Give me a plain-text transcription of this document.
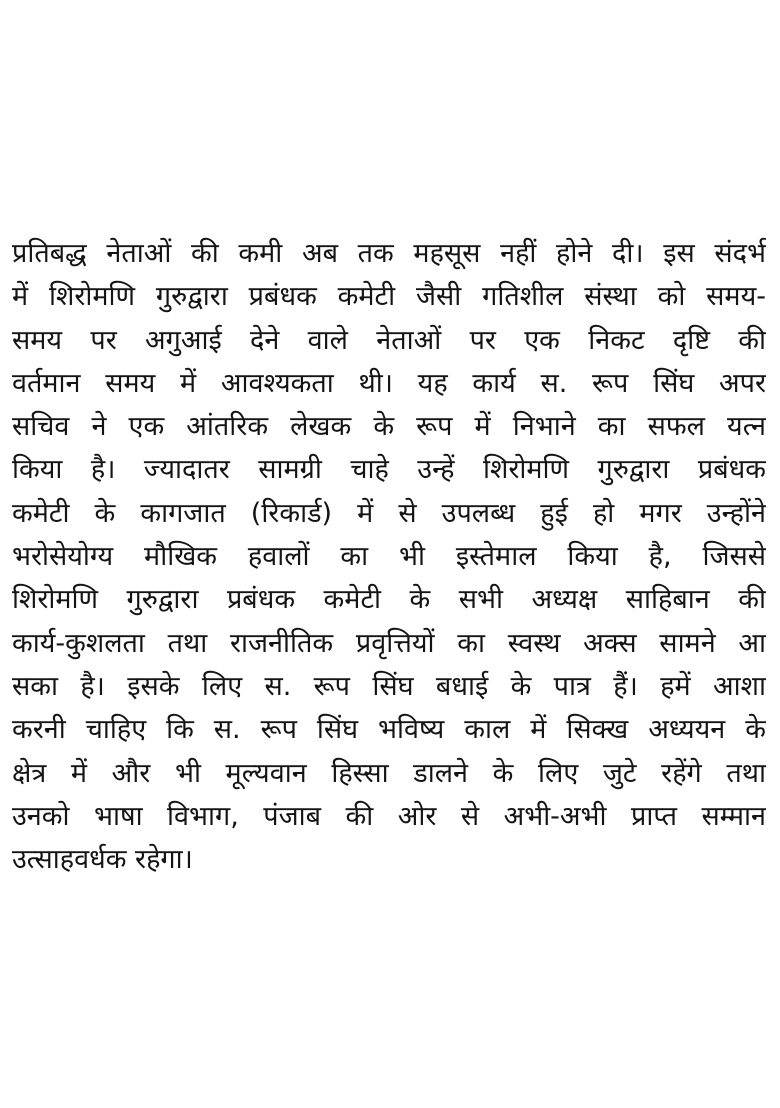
प्रतिबद्ध नेताओं की कमी अब तक महसूस नहीं होने दी। इस संदर्भ
में शिरोमणि गुरुद्वारा प्रबंधक कमेटी जैसी गतिशील संस्था को समय-
समय पर अगुआई देने वाले नेताओं पर एक निकट दृष्टि की
वर्तमान समय में आवश्यकता थी। यह कार्य स. रूप सिंघ अपर
सचिव ने एक आंतरिक लेखक के रूप में निभाने का सफल यत्न
किया है। ज्यादातर सामग्री चाहे उन्हें शिरोमणि गुरुद्वारा प्रबंधक
कमेटी के कागजात (रिकार्ड) में से उपलब्ध हुई हो मगर उन्होंने
भरोसेयोग्य मौखिक हवालों का भी इस्तेमाल किया है, जिससे
शिरोमणि गुरुद्वारा प्रबंधक कमेटी के सभी अध्यक्ष साहिबान की
कार्य-कुशलता तथा राजनीतिक प्रवृत्तियों का स्वस्थ अक्स सामने आ
सका है। इसके लिए स. रूप सिंघ बधाई के पात्र हैं। हमें आशा
करनी चाहिए कि स. रूप सिंघ भविष्य काल में सिक्ख अध्ययन के
क्षेत्र में और भी मूल्यवान हिस्सा डालने के लिए जुटे रहेंगे तथा
उनको भाषा विभाग, पंजाब की ओर से अभी-अभी प्राप्त सम्मान
उत्साहवर्धक रहेगा।
